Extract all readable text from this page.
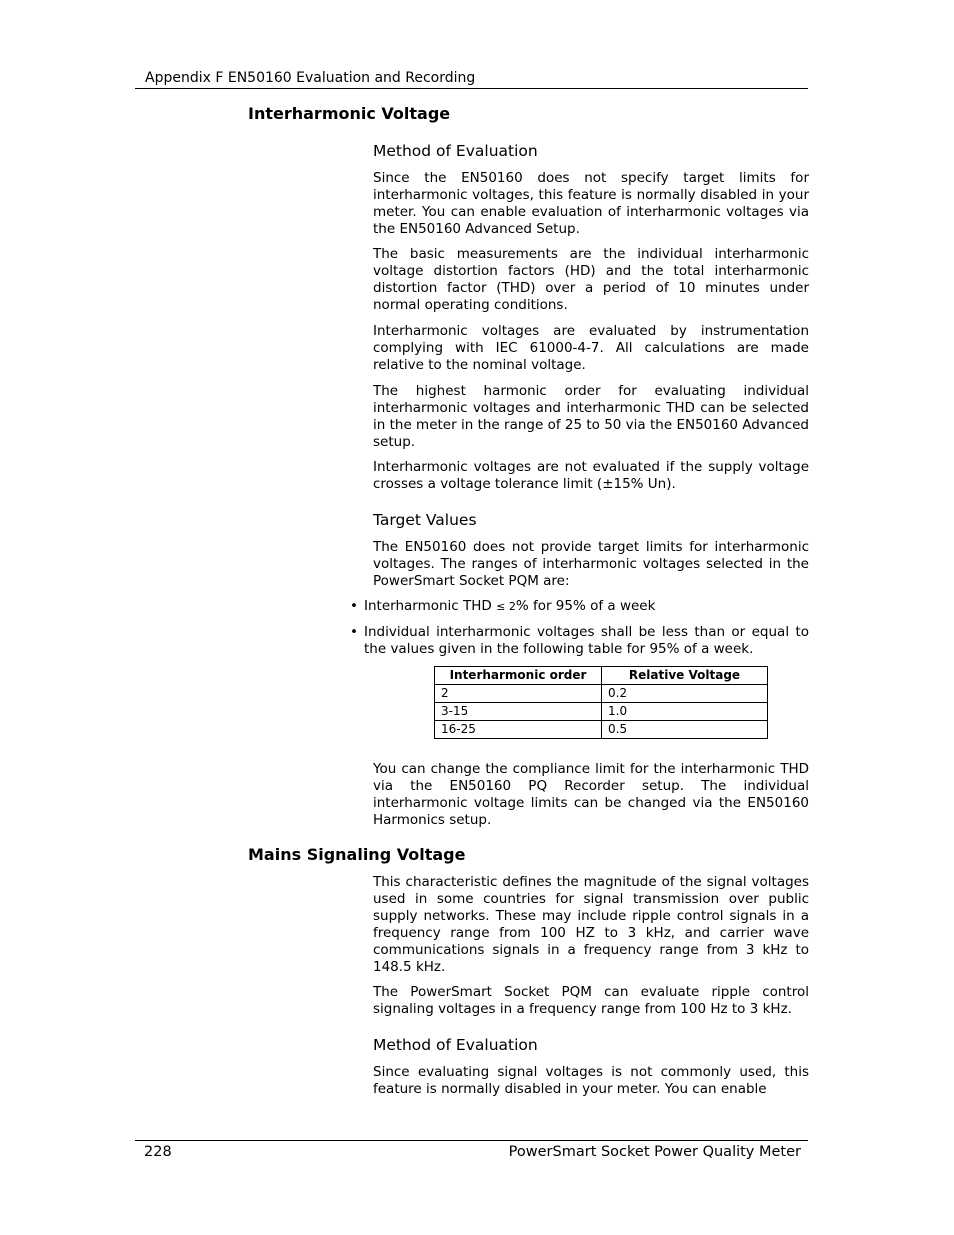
Appendix F EN50160 Evaluation and Recording
Interharmonic Voltage
Method of Evaluation

Since the EN50160 does not specify target limits for interharmonic voltages, this feature is normally disabled in your meter. You can enable evaluation of interharmonic voltages via the EN50160 Advanced Setup.

The basic measurements are the individual interharmonic voltage distortion factors (HD) and the total interharmonic distortion factor (THD) over a period of 10 minutes under normal operating conditions.

Interharmonic voltages are evaluated by instrumentation complying with IEC 61000-4-7. All calculations are made relative to the nominal voltage.

The highest harmonic order for evaluating individual interharmonic voltages and interharmonic THD can be selected in the meter in the range of 25 to 50 via the EN50160 Advanced setup.

Interharmonic voltages are not evaluated if the supply voltage crosses a voltage tolerance limit (±15% Un).

Target Values

The EN50160 does not provide target limits for interharmonic voltages. The ranges of interharmonic voltages selected in the PowerSmart Socket PQM are:

• Interharmonic THD ≤ 2% for 95% of a week
• Individual interharmonic voltages shall be less than or equal to the values given in the following table for 95% of a week.
Interharmonic order	Relative Voltage
2	0.2
3-15	1.0
16-25	0.5

You can change the compliance limit for the interharmonic THD via the EN50160 PQ Recorder setup. The individual interharmonic voltage limits can be changed via the EN50160 Harmonics setup.

Mains Signaling Voltage

This characteristic defines the magnitude of the signal voltages used in some countries for signal transmission over public supply networks. These may include ripple control signals in a frequency range from 100 HZ to 3 kHz, and carrier wave communications signals in a frequency range from 3 kHz to 148.5 kHz.

The PowerSmart Socket PQM can evaluate ripple control signaling voltages in a frequency range from 100 Hz to 3 kHz.

Method of Evaluation

Since evaluating signal voltages is not commonly used, this feature is normally disabled in your meter. You can enable

228	PowerSmart Socket Power Quality Meter
